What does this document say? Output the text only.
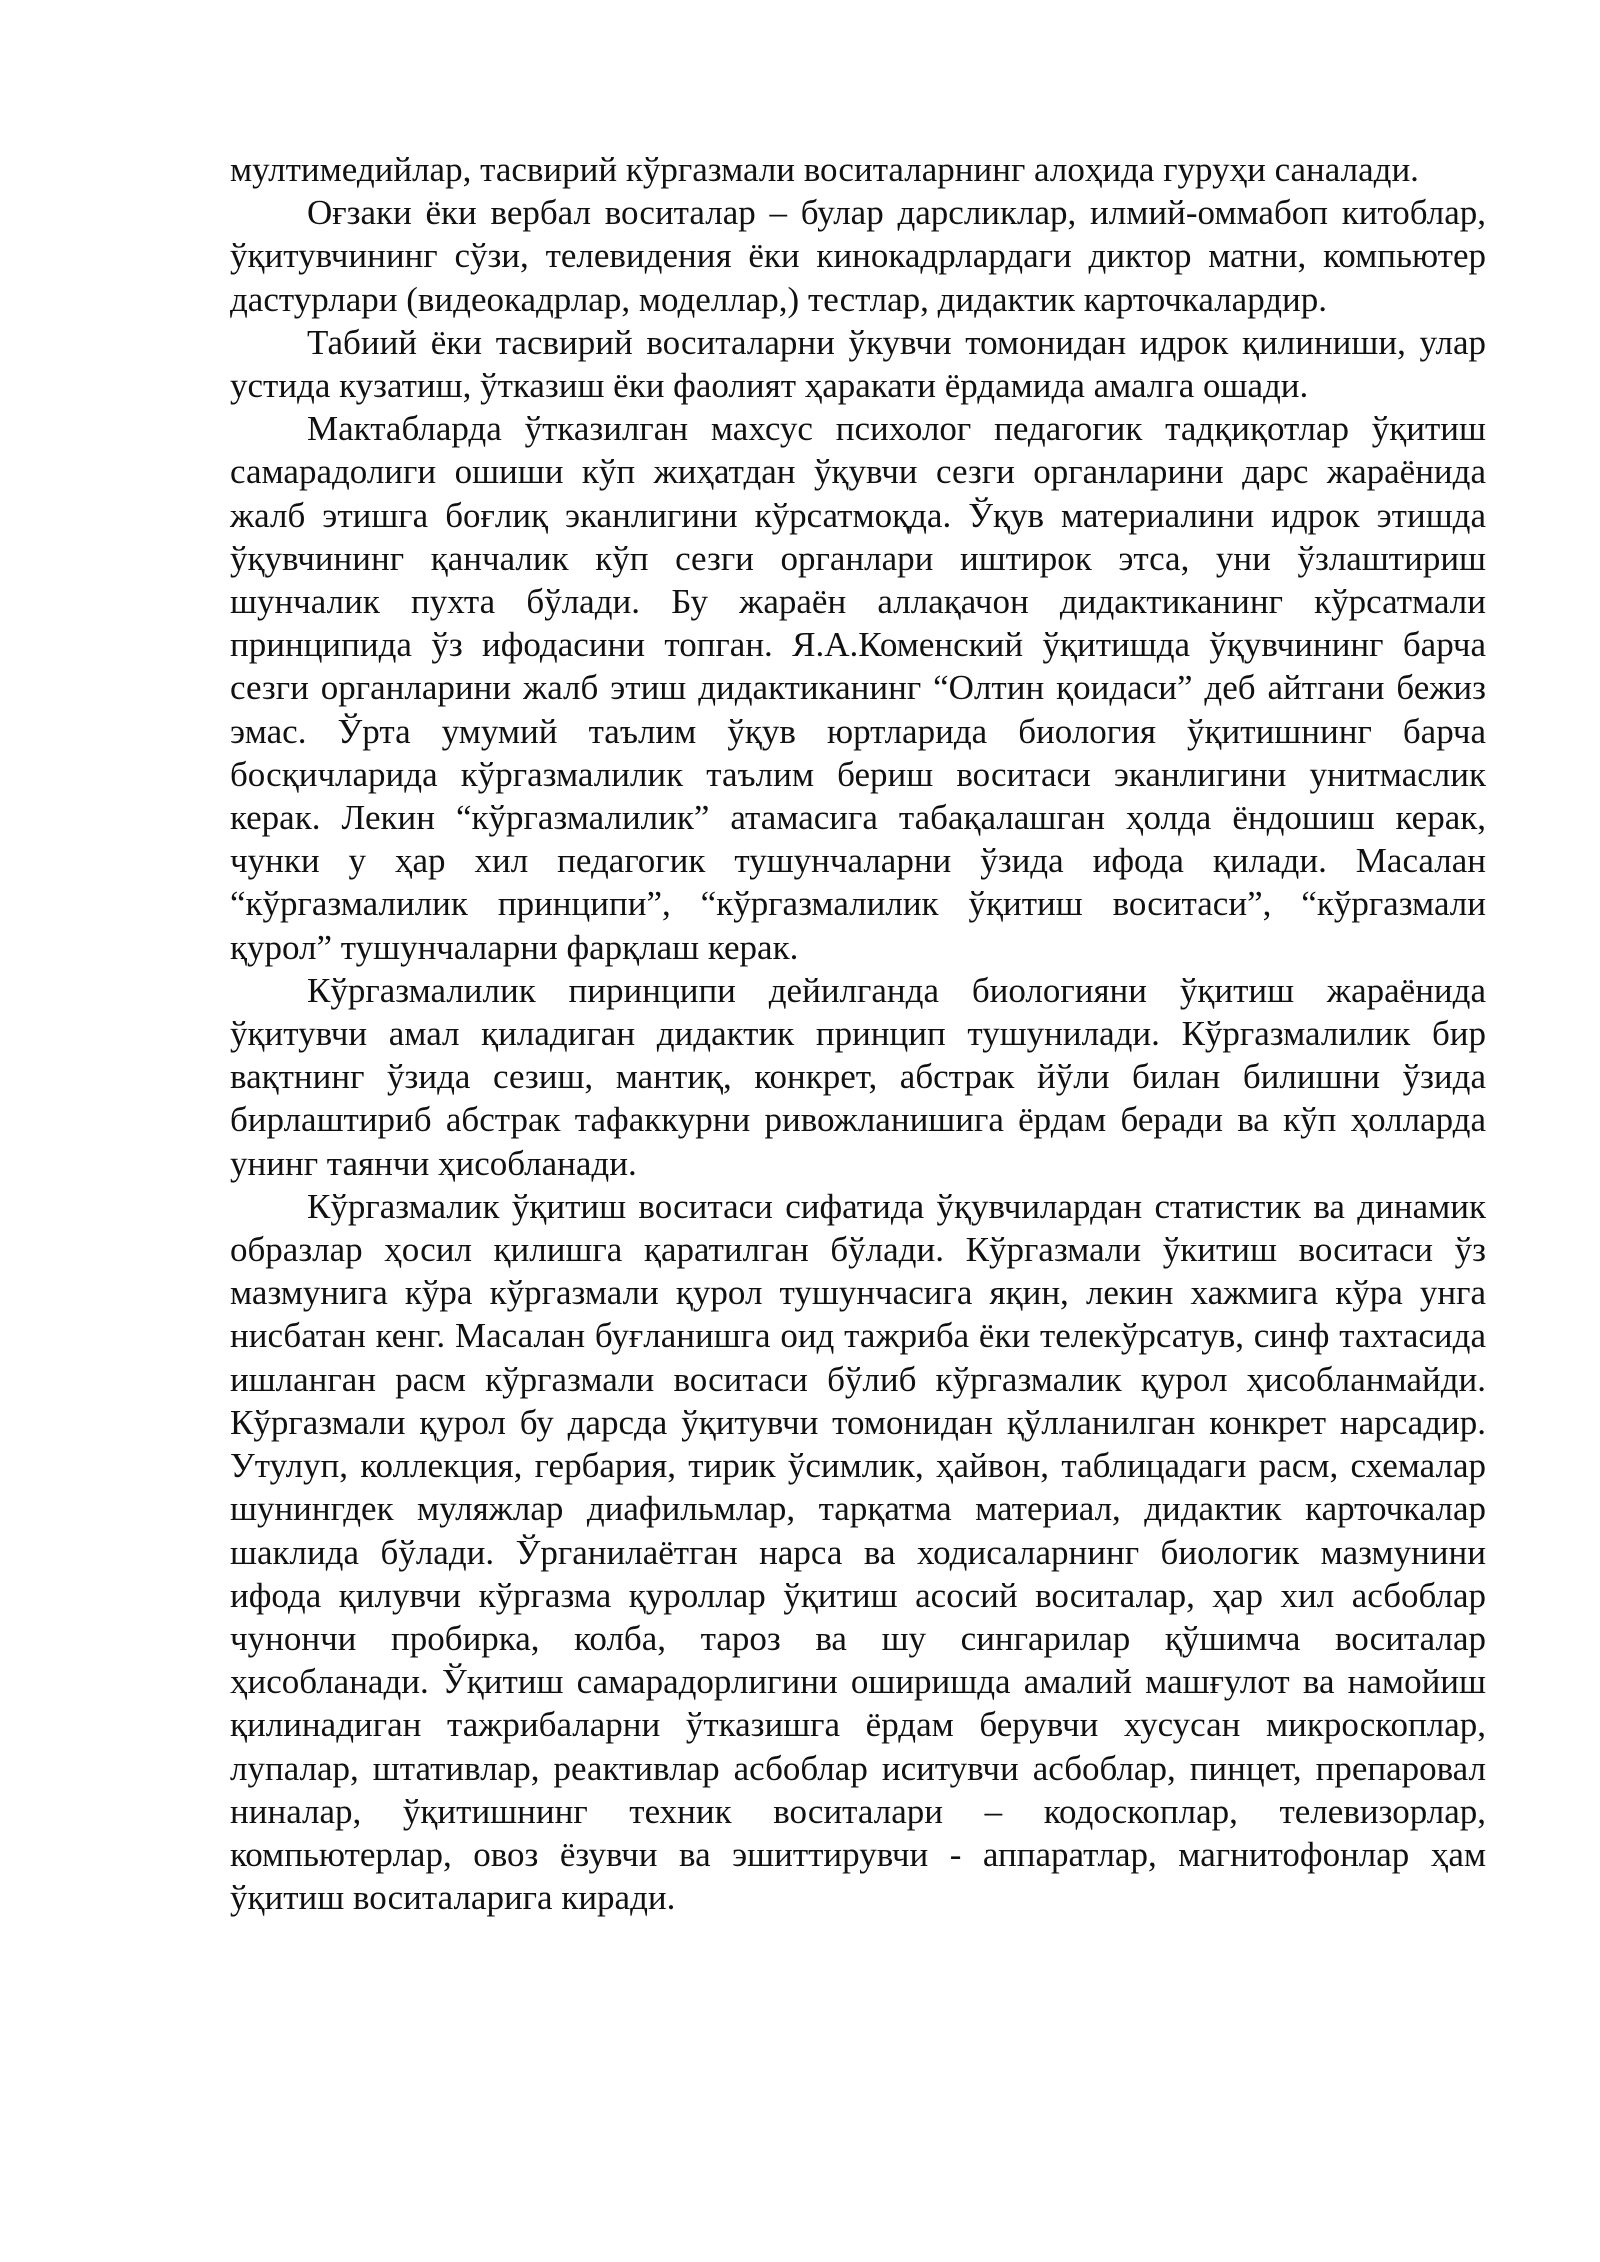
мултимедийлар, тасвирий кўргазмали воситаларнинг алоҳида гуруҳи саналади.

Оғзаки ёки вербал воситалар – булар дарсликлар, илмий-оммабоп китоблар, ўқитувчининг сўзи, телевидения ёки кинокадрлардаги диктор матни, компьютер дастурлари (видеокадрлар, моделлар,) тестлар, дидактик карточкалардир.

Табиий ёки тасвирий воситаларни ўкувчи томонидан идрок қилиниши, улар устида кузатиш, ўтказиш ёки фаолият ҳаракати ёрдамида амалга ошади.

Мактабларда ўтказилган махсус психолог педагогик тадқиқотлар ўқитиш самарадолиги ошиши кўп жиҳатдан ўқувчи сезги органларини дарс жараёнида жалб этишга боғлиқ эканлигини кўрсатмоқда. Ўқув материалини идрок этишда ўқувчининг қанчалик кўп сезги органлари иштирок этса, уни ўзлаштириш шунчалик пухта бўлади. Бу жараён аллақачон дидактиканинг кўрсатмали принципида ўз ифодасини топган. Я.А.Коменский ўқитишда ўқувчининг барча сезги органларини жалб этиш дидактиканинг “Олтин қоидаси” деб айтгани бежиз эмас. Ўрта умумий таълим ўқув юртларида биология ўқитишнинг барча босқичларида кўргазмалилик таълим бериш воситаси эканлигини унитмаслик керак. Лекин “кўргазмалилик” атамасига табақалашган ҳолда ёндошиш керак, чунки у ҳар хил педагогик тушунчаларни ўзида ифода қилади. Масалан “кўргазмалилик принципи”, “кўргазмалилик ўқитиш воситаси”, “кўргазмали қурол” тушунчаларни фарқлаш керак.

Кўргазмалилик пиринципи дейилганда биологияни ўқитиш жараёнида ўқитувчи амал қиладиган дидактик принцип тушунилади. Кўргазмалилик бир вақтнинг ўзида сезиш, мантиқ, конкрет, абстрак йўли билан билишни ўзида бирлаштириб абстрак тафаккурни ривожланишига ёрдам беради ва кўп ҳолларда унинг таянчи ҳисобланади.

Кўргазмалик ўқитиш воситаси сифатида ўқувчилардан статистик ва динамик образлар ҳосил қилишга қаратилган бўлади. Кўргазмали ўкитиш воситаси ўз мазмунига кўра кўргазмали қурол тушунчасига яқин, лекин хажмига кўра унга нисбатан кенг. Масалан буғланишга оид тажриба ёки телекўрсатув, синф тахтасида ишланган расм кўргазмали воситаси бўлиб кўргазмалик қурол ҳисобланмайди. Кўргазмали қурол бу дарсда ўқитувчи томонидан қўлланилган конкрет нарсадир. Утулуп, коллекция, гербария, тирик ўсимлик, ҳайвон, таблицадаги расм, схемалар шунингдек муляжлар диафильмлар, тарқатма материал, дидактик карточкалар шаклида бўлади. Ўрганилаётган нарса ва ходисаларнинг биологик мазмунини ифода қилувчи кўргазма қуроллар ўқитиш асосий воситалар, ҳар хил асбоблар чунончи пробирка, колба, тароз ва шу сингарилар қўшимча воситалар ҳисобланади. Ўқитиш самарадорлигини оширишда амалий машғулот ва намойиш қилинадиган тажрибаларни ўтказишга ёрдам берувчи хусусан микроскоплар, лупалар, штативлар, реактивлар асбоблар иситувчи асбоблар, пинцет, препаровал ниналар, ўқитишнинг техник воситалари – кодоскоплар, телевизорлар, компьютерлар, овоз ёзувчи ва эшиттирувчи - аппаратлар, магнитофонлар ҳам ўқитиш воситаларига киради.
